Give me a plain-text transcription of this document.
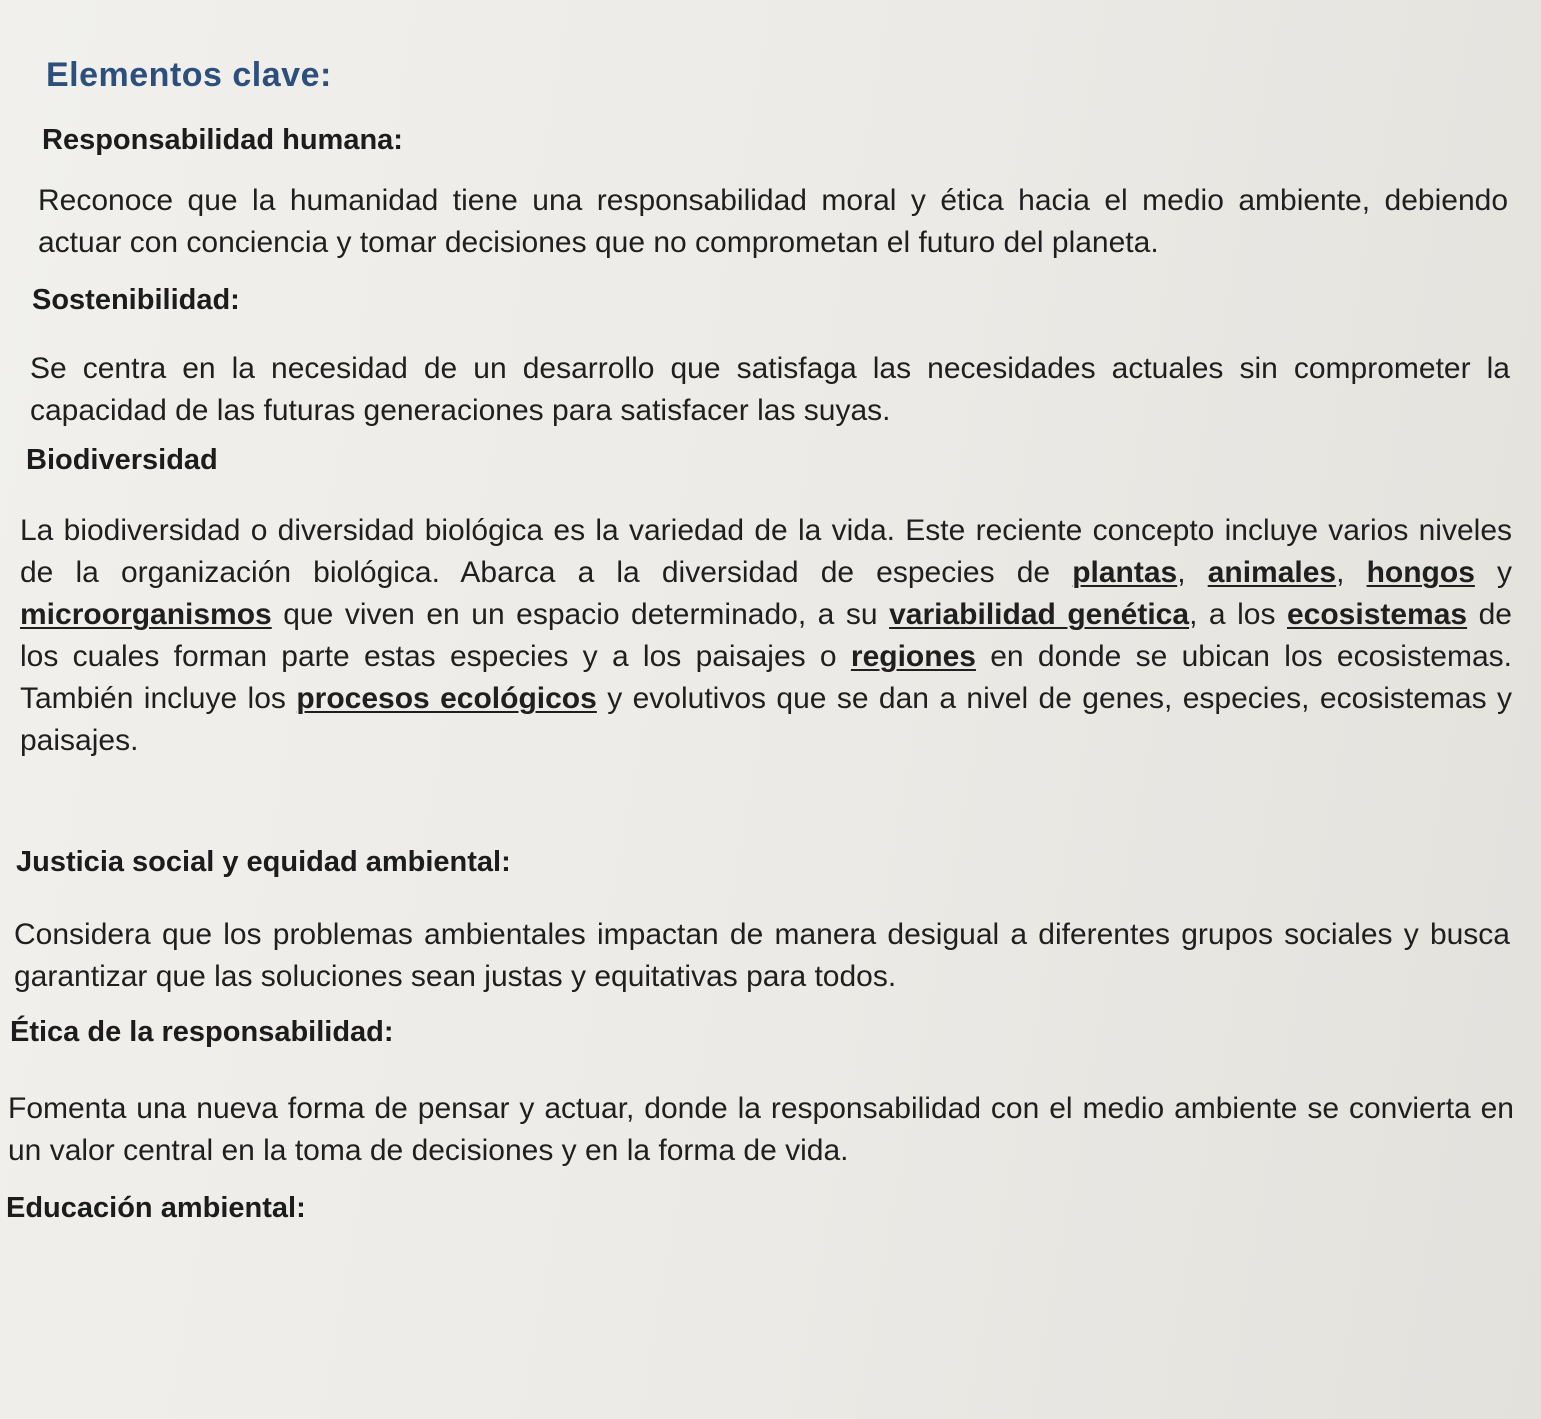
Elementos clave:
Responsabilidad humana:

Reconoce que la humanidad tiene una responsabilidad moral y ética hacia el medio ambiente, debiendo actuar con conciencia y tomar decisiones que no comprometan el futuro del planeta.

Sostenibilidad:

Se centra en la necesidad de un desarrollo que satisfaga las necesidades actuales sin comprometer la capacidad de las futuras generaciones para satisfacer las suyas.

Biodiversidad

La biodiversidad o diversidad biológica es la variedad de la vida. Este reciente concepto incluye varios niveles de la organización biológica. Abarca a la diversidad de especies de plantas, animales, hongos y microorganismos que viven en un espacio determinado, a su variabilidad genética, a los ecosistemas de los cuales forman parte estas especies y a los paisajes o regiones en donde se ubican los ecosistemas. También incluye los procesos ecológicos y evolutivos que se dan a nivel de genes, especies, ecosistemas y paisajes.

Justicia social y equidad ambiental:

Considera que los problemas ambientales impactan de manera desigual a diferentes grupos sociales y busca garantizar que las soluciones sean justas y equitativas para todos.

Ética de la responsabilidad:

Fomenta una nueva forma de pensar y actuar, donde la responsabilidad con el medio ambiente se convierta en un valor central en la toma de decisiones y en la forma de vida.

Educación ambiental:
